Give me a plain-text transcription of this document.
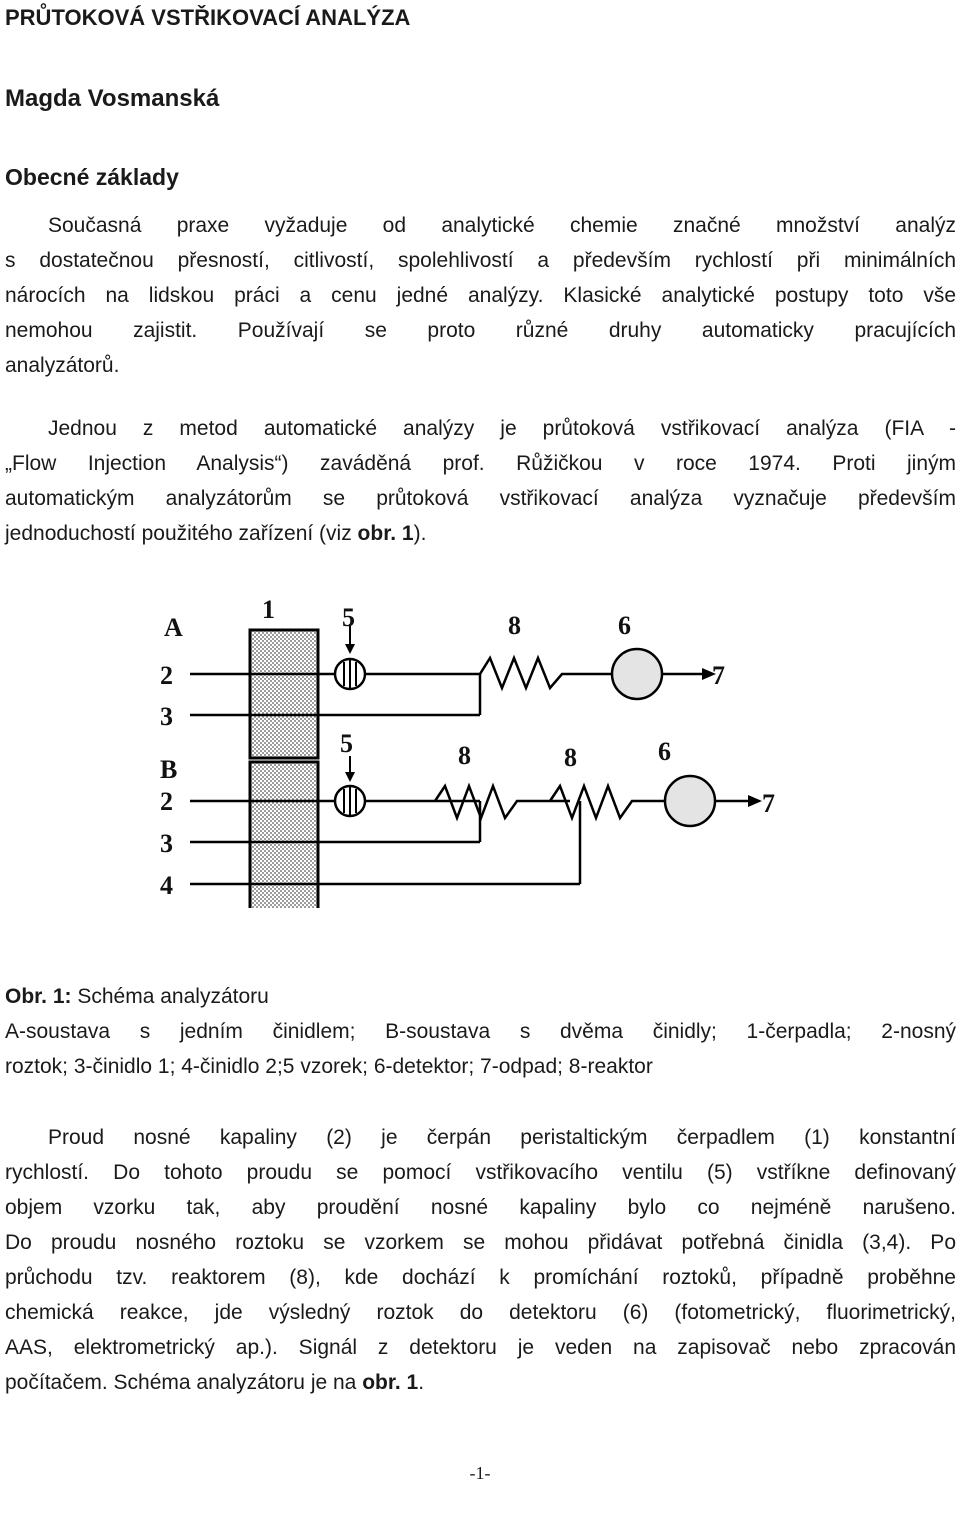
PRŮTOKOVÁ VSTŘIKOVACÍ ANALÝZA
Magda Vosmanská
Obecné základy
Současná praxe vyžaduje od analytické chemie značné množství analýz
s dostatečnou přesností, citlivostí, spolehlivostí a především rychlostí při minimálních
nárocích na lidskou práci a cenu jedné analýzy. Klasické analytické postupy toto vše
nemohou zajistit. Používají se proto různé druhy automaticky pracujících
analyzátorů.
Jednou z metod automatické analýzy je průtoková vstřikovací analýza (FIA -
„Flow Injection Analysis“) zaváděná prof. Růžičkou v roce 1974. Proti jiným
automatickým analyzátorům se průtoková vstřikovací analýza vyznačuje především
jednoduchostí použitého zařízení (viz obr. 1).
A
1	5	8	6
7
2
3
B
5	8	8	6
7
2
3
4
Obr. 1: Schéma analyzátoru
A-soustava s jedním činidlem; B-soustava s dvěma činidly; 1-čerpadla; 2-nosný
roztok; 3-činidlo 1; 4-činidlo 2;5 vzorek; 6-detektor; 7-odpad; 8-reaktor
Proud nosné kapaliny (2) je čerpán peristaltickým čerpadlem (1) konstantní
rychlostí. Do tohoto proudu se pomocí vstřikovacího ventilu (5) vstříkne definovaný
objem vzorku tak, aby proudění nosné kapaliny bylo co nejméně narušeno.
Do proudu nosného roztoku se vzorkem se mohou přidávat potřebná činidla (3,4). Po
průchodu tzv. reaktorem (8), kde dochází k promíchání roztoků, případně proběhne
chemická reakce, jde výsledný roztok do detektoru (6) (fotometrický, fluorimetrický,
AAS, elektrometrický ap.). Signál z detektoru je veden na zapisovač nebo zpracován
počítačem. Schéma analyzátoru je na obr. 1.
-1-
